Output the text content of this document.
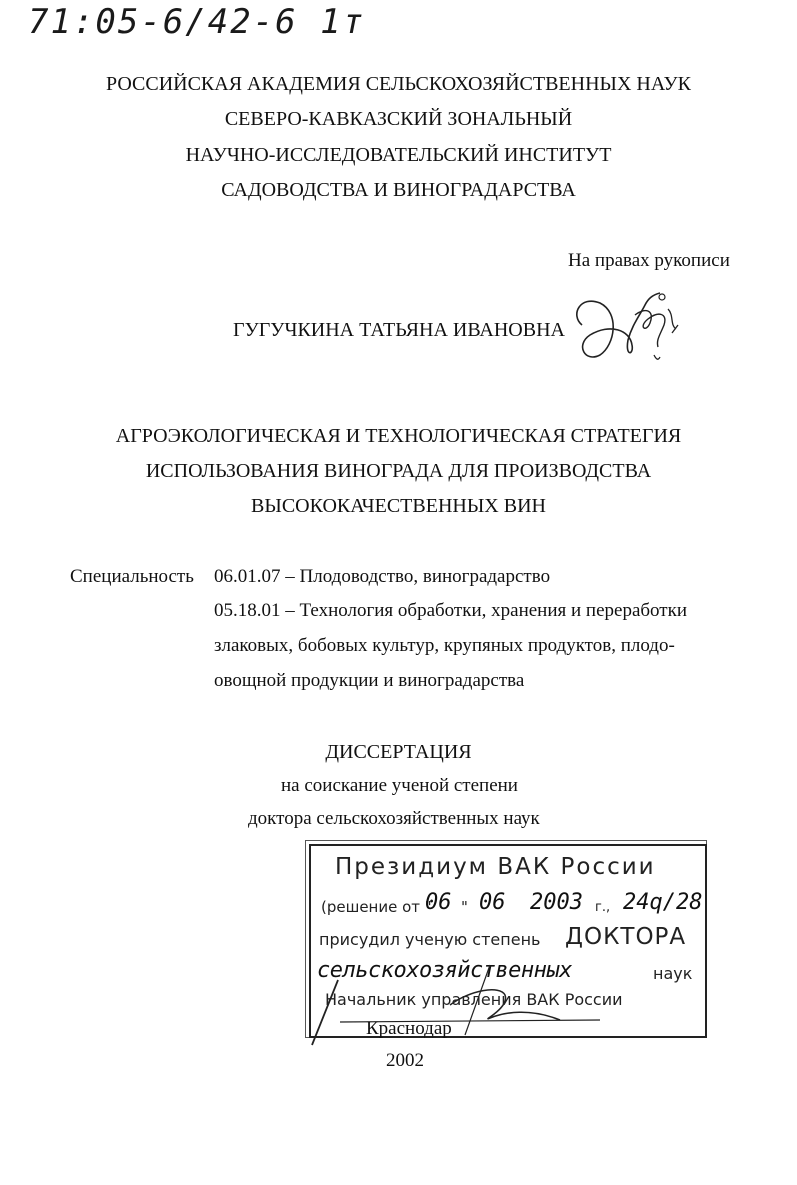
71:05-6/42-6 1т
РОССИЙСКАЯ АКАДЕМИЯ СЕЛЬСКОХОЗЯЙСТВЕННЫХ НАУК
СЕВЕРО-КАВКАЗСКИЙ ЗОНАЛЬНЫЙ
НАУЧНО-ИССЛЕДОВАТЕЛЬСКИЙ ИНСТИТУТ
САДОВОДСТВА И ВИНОГРАДАРСТВА
На правах рукописи
ГУГУЧКИНА ТАТЬЯНА ИВАНОВНА
АГРОЭКОЛОГИЧЕСКАЯ И ТЕХНОЛОГИЧЕСКАЯ СТРАТЕГИЯ
ИСПОЛЬЗОВАНИЯ ВИНОГРАДА ДЛЯ ПРОИЗВОДСТВА
ВЫСОКОКАЧЕСТВЕННЫХ ВИН
Специальность 06.01.07 – Плодоводство, виноградарство
05.18.01 – Технология обработки, хранения и переработки
злаковых, бобовых культур, крупяных продуктов, плодо-
овощной продукции и виноградарства
ДИССЕРТАЦИЯ
на соискание ученой степени
доктора сельскохозяйственных наук
Президиум ВАК России
(решение от "
06 " 06 2003 г., 24q/28
присудил ученую степень ДОКТОРА
сельскохозяйственных	наук
Начальник управления ВАК России
Краснодар
2002
